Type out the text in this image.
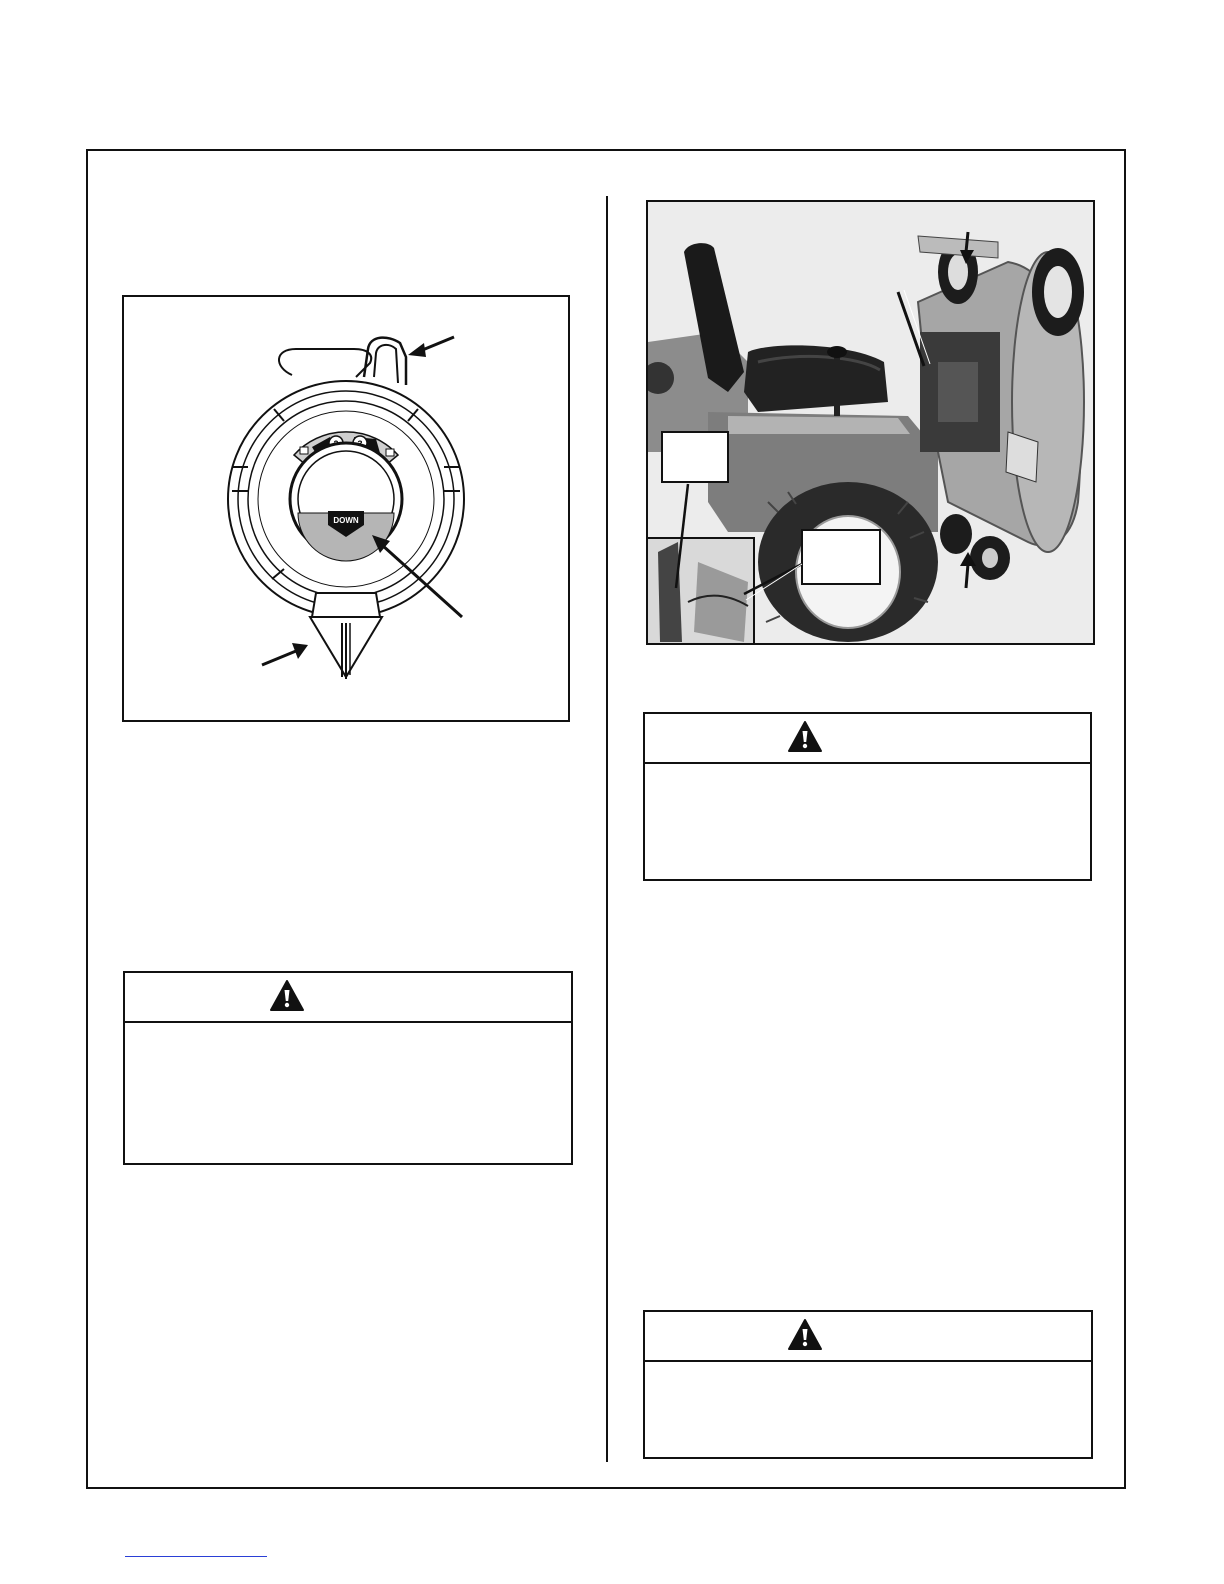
DOWN
